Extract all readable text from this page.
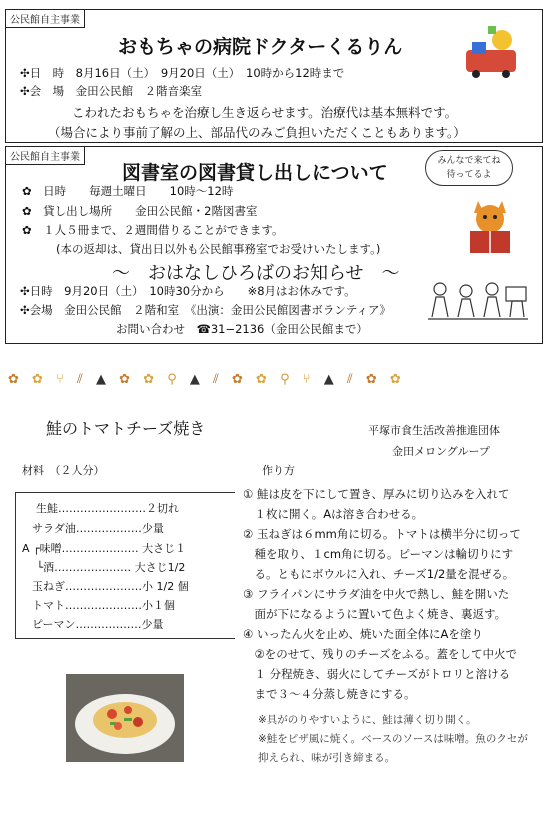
公民館自主事業
おもちゃの病院ドクターくるりん
✣日　時　8月16日（土）　9月20日（土）　10時から12時まで
✣会　場　金田公民館　２階音楽室
こわれたおもちゃを治療し生き返らせます。治療代は基本無料です。
（場合により事前了解の上、部品代のみご負担いただくこともあります。）
公民館自主事業
図書室の図書貸し出しについて
みんなで来てね
待ってるよ
✿　日時　　毎週土曜日　　10時〜12時
✿　貸し出し場所　　金田公民館・2階図書室
✿　１人５冊まで、２週間借りることができます。
(本の返却は、貸出日以外も公民館事務室でお受けいたします。)
〜　おはなしひろばのお知らせ　〜
✣日時　9月20日（土）　10時30分から　　※8月はお休みです。
✣会場　金田公民館　２階和室　《出演：金田公民館図書ボランティア》
お問い合わせ　☎31−2136（金田公民館まで）
✿ ✿ ⑂ ⫽ ▲ ✿ ✿ ⚲ ▲ ⫽ ✿ ✿ ⚲ ⑂ ▲ ⫽ ✿ ✿
鮭のトマトチーズ焼き	平塚市食生活改善推進団体
金田メロングループ
材料　（２人分）	作り方
生鮭……………………２切れ
サラダ油………………少量
A ┌味噌………………… 大さじ１
　 └酒………………… 大さじ1/2
玉ねぎ…………………小 1/2 個
トマト…………………小１個
ピーマン………………少量
① 鮭は皮を下にして置き、厚みに切り込みを入れて
　１枚に開く。Aは溶き合わせる。
② 玉ねぎは６mm角に切る。トマトは横半分に切って
　種を取り、１cm角に切る。ピーマンは輪切りにす
　る。ともにボウルに入れ、チーズ1/2量を混ぜる。
③ フライパンにサラダ油を中火で熱し、鮭を開いた
　面が下になるように置いて色よく焼き、裏返す。
④ いったん火を止め、焼いた面全体にAを塗り
　②をのせて、残りのチーズをふる。蓋をして中火で
　１ 分程焼き、弱火にしてチーズがトロリと溶ける
　まで３〜４分蒸し焼きにする。
※具がのりやすいように、鮭は薄く切り開く。
※鮭をピザ風に焼く。ベースのソースは味噌。魚のクセが
抑えられ、味が引き締まる。
